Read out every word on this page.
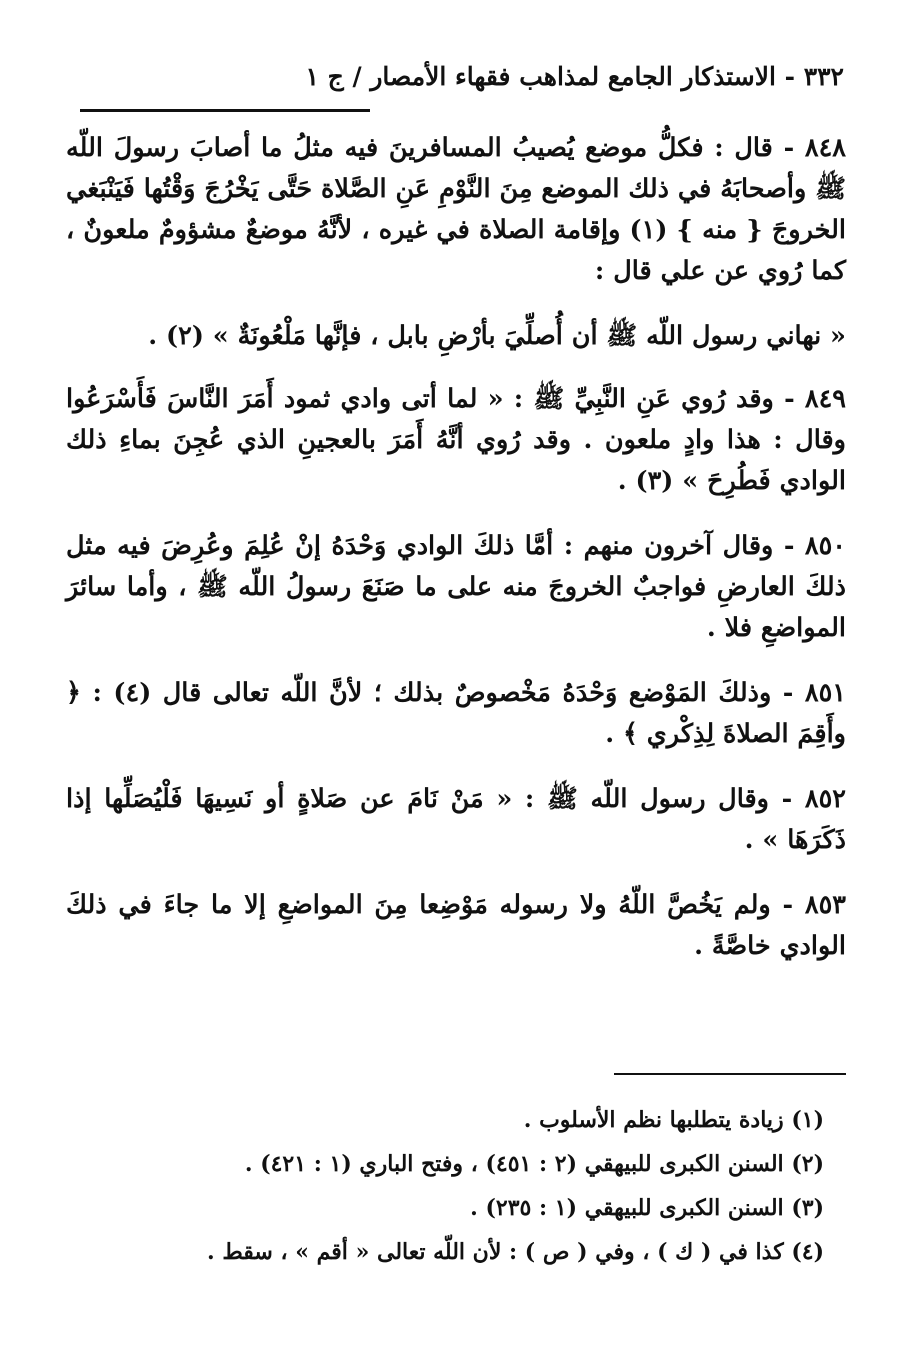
٣٣٢ - الاستذكار الجامع لمذاهب فقهاء الأمصار / ج ١

٨٤٨ - قال : فكلُّ موضع يُصيبُ المسافرينَ فيه مثلُ ما أصابَ رسولَ اللّه ﷺ وأصحابَهُ في ذلك الموضع مِنَ النَّوْمِ عَنِ الصَّلاة حَتَّى يَخْرُجَ وَقْتُها فَيَنْبَغي الخروجَ { منه } (١) وإقامة الصلاة في غيره ، لأنَّهُ موضعٌ مشؤومٌ ملعونٌ ، كما رُوي عن علي قال :

« نهاني رسول اللّه ﷺ أن أُصلِّيَ بأرْضِ بابل ، فإنَّها مَلْعُونَةٌ » (٢) .

٨٤٩ - وقد رُوي عَنِ النَّبِيِّ ﷺ : « لما أتى وادي ثمود أَمَرَ النَّاسَ فَأَسْرَعُوا وقال : هذا وادٍ ملعون . وقد رُوي أنَّهُ أَمَرَ بالعجينِ الذي عُجِنَ بماءِ ذلك الوادي فَطُرِحَ » (٣) .

٨٥٠ - وقال آخرون منهم : أمَّا ذلكَ الوادي وَحْدَهُ إنْ عُلِمَ وعُرِضَ فيه مثل ذلكَ العارضِ فواجبٌ الخروجَ منه على ما صَنَعَ رسولُ اللّه ﷺ ، وأما سائرَ المواضعِ فلا .

٨٥١ - وذلكَ المَوْضع وَحْدَهُ مَخْصوصٌ بذلك ؛ لأنَّ اللّه تعالى قال (٤) : ﴿ وأَقِمَ الصلاةَ لِذِكْري ﴾ .

٨٥٢ - وقال رسول اللّه ﷺ : « مَنْ نَامَ عن صَلاةٍ أو نَسِيهَا فَلْيُصَلِّها إذا ذَكَرَهَا » .

٨٥٣ - ولم يَخُصَّ اللّهُ ولا رسوله مَوْضِعا مِنَ المواضعِ إلا ما جاءَ في ذلكَ الوادي خاصَّةً .

(١) زيادة يتطلبها نظم الأسلوب .

(٢) السنن الكبرى للبيهقي (٢ : ٤٥١) ، وفتح الباري (١ : ٤٢١) .

(٣) السنن الكبرى للبيهقي (١ : ٢٣٥) .

(٤) كذا في ( ك ) ، وفي ( ص ) : لأن اللّه تعالى « أقم » ، سقط .
